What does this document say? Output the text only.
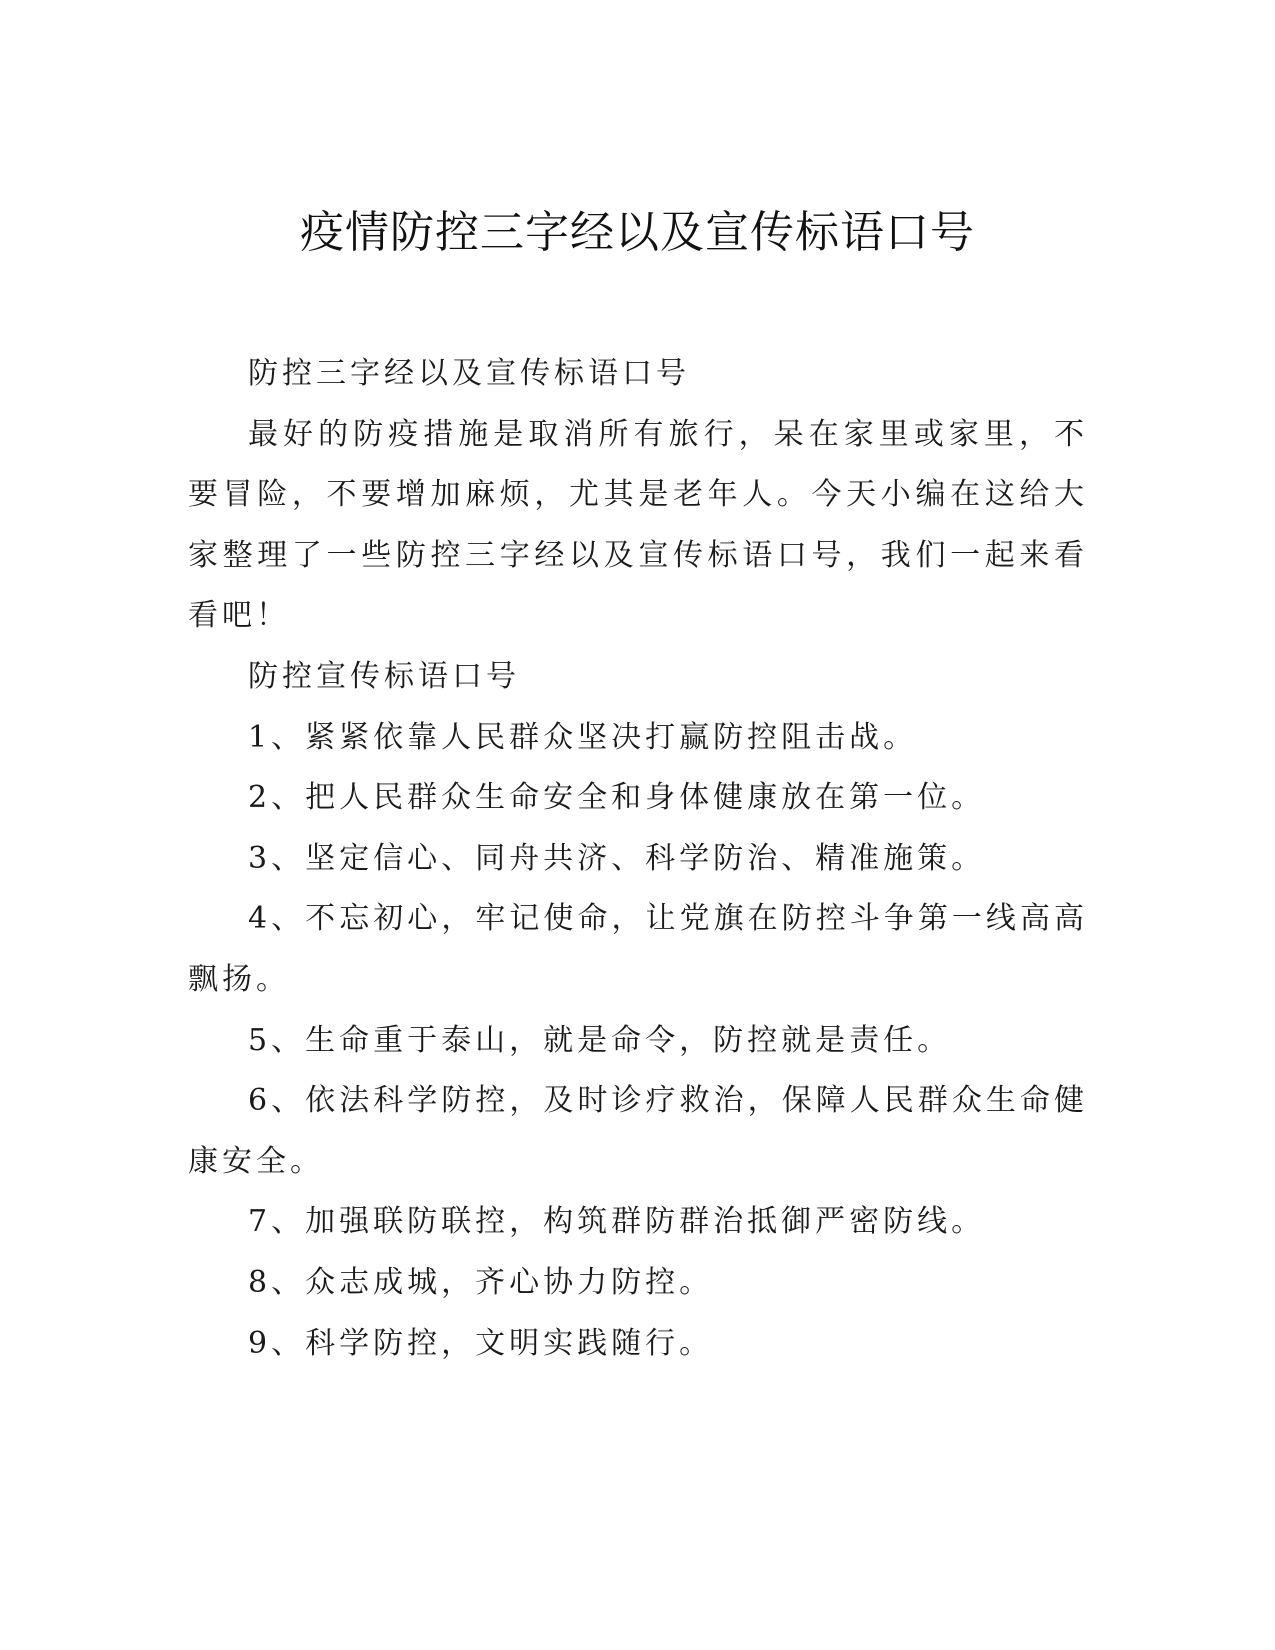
疫情防控三字经以及宣传标语口号

防控三字经以及宣传标语口号

最好的防疫措施是取消所有旅行，呆在家里或家里，不要冒险，不要增加麻烦，尤其是老年人。今天小编在这给大家整理了一些防控三字经以及宣传标语口号，我们一起来看看吧！

防控宣传标语口号

1、紧紧依靠人民群众坚决打赢防控阻击战。

2、把人民群众生命安全和身体健康放在第一位。

3、坚定信心、同舟共济、科学防治、精准施策。

4、不忘初心，牢记使命，让党旗在防控斗争第一线高高飘扬。

5、生命重于泰山，就是命令，防控就是责任。

6、依法科学防控，及时诊疗救治，保障人民群众生命健康安全。

7、加强联防联控，构筑群防群治抵御严密防线。

8、众志成城，齐心协力防控。

9、科学防控，文明实践随行。
